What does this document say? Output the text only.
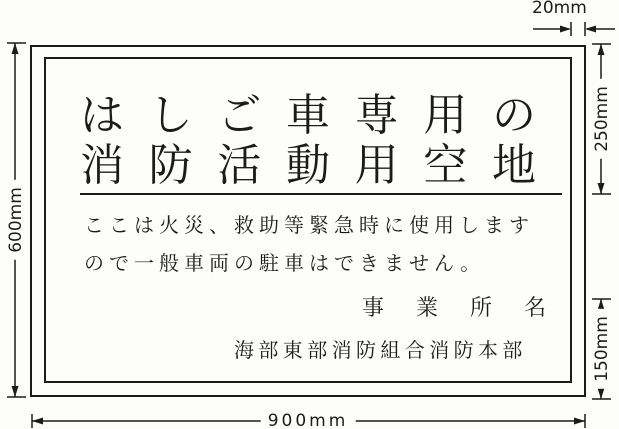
はしご車専用の
消防活動用空地
ここは火災、救助等緊急時に使用します
ので一般車両の駐車はできません。
事 業 所 名
海部東部消防組合消防本部
600mm
250mm
150mm
900mm
20mm
